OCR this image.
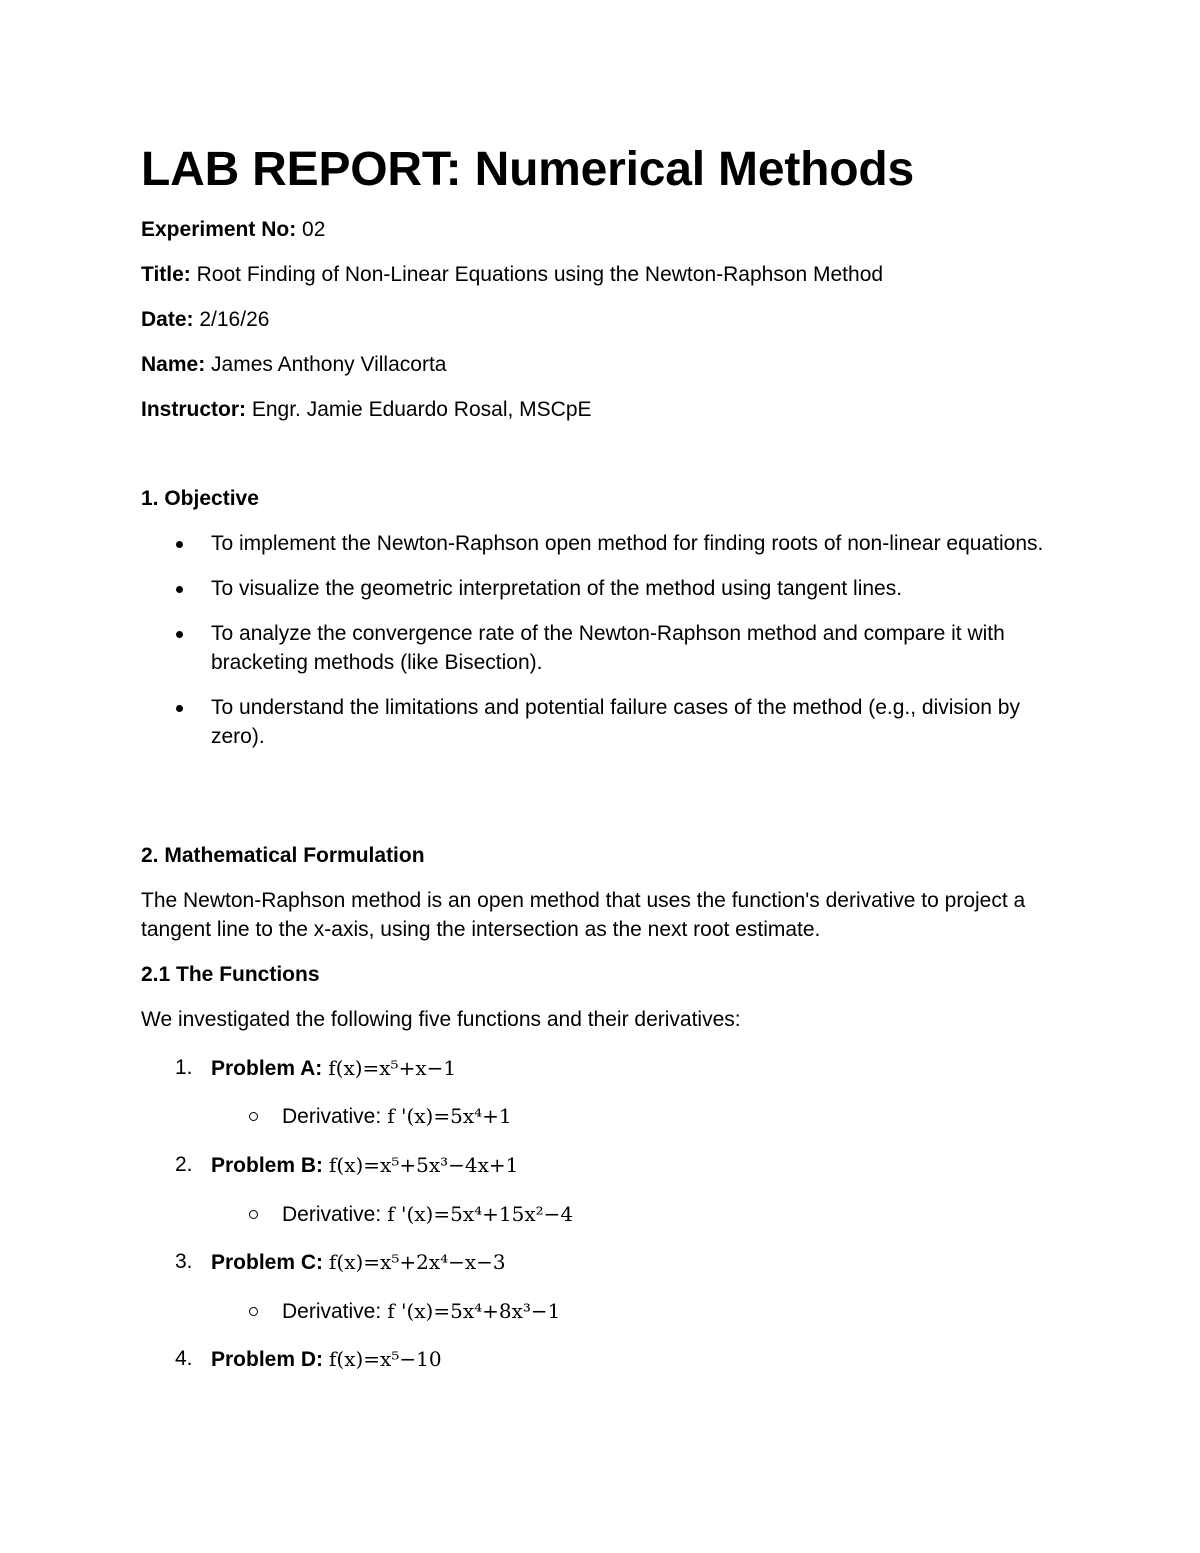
LAB REPORT: Numerical Methods

Experiment No: 02

Title: Root Finding of Non-Linear Equations using the Newton-Raphson Method

Date: 2/16/26

Name: James Anthony Villacorta

Instructor: Engr. Jamie Eduardo Rosal, MSCpE

1. Objective

To implement the Newton-Raphson open method for finding roots of non-linear equations.
To visualize the geometric interpretation of the method using tangent lines.
To analyze the convergence rate of the Newton-Raphson method and compare it with bracketing methods (like Bisection).
To understand the limitations and potential failure cases of the method (e.g., division by zero).

2. Mathematical Formulation

The Newton-Raphson method is an open method that uses the function's derivative to project a tangent line to the x-axis, using the intersection as the next root estimate.

2.1 The Functions

We investigated the following five functions and their derivatives:

1. Problem A: f(x)=x⁵+x−1
Derivative: f '(x)=5x⁴+1
2. Problem B: f(x)=x⁵+5x³−4x+1
Derivative: f '(x)=5x⁴+15x²−4
3. Problem C: f(x)=x⁵+2x⁴−x−3
Derivative: f '(x)=5x⁴+8x³−1
4. Problem D: f(x)=x⁵−10
